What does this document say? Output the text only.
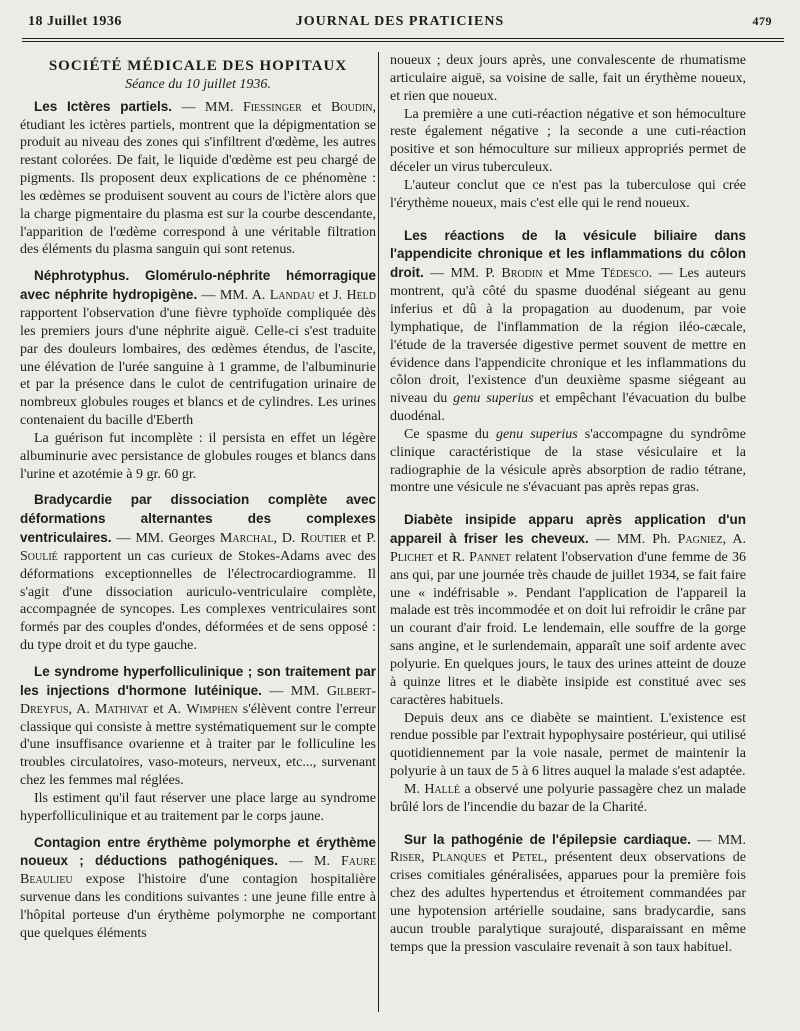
18 Juillet 1936	JOURNAL DES PRATICIENS	479

SOCIÉTÉ MÉDICALE DES HOPITAUX

Séance du 10 juillet 1936.

Les Ictères partiels. — MM. Fiessinger et Boudin, étudiant les ictères partiels, montrent que la dépigmentation se produit au niveau des zones qui s'infiltrent d'œdème, les autres restant colorées. De fait, le liquide d'œdème est peu chargé de pigments. Ils proposent deux explications de ce phénomène : les œdèmes se produisent souvent au cours de l'ictère alors que la charge pigmentaire du plasma est sur la courbe descendante, l'apparition de l'œdème correspond à une véritable filtration des éléments du plasma sanguin qui sont retenus.

Néphrotyphus. Glomérulo-néphrite hémorragique avec néphrite hydropigène. — MM. A. Landau et J. Held rapportent l'observation d'une fièvre typhoïde compliquée dès les premiers jours d'une néphrite aiguë. Celle-ci s'est traduite par des douleurs lombaires, des œdèmes étendus, de l'ascite, une élévation de l'urée sanguine à 1 gramme, de l'albuminurie et par la présence dans le culot de centrifugation urinaire de nombreux globules rouges et blancs et de cylindres. Les urines contenaient du bacille d'Eberth

La guérison fut incomplète : il persista en effet un légère albuminurie avec persistance de globules rouges et blancs dans l'urine et azotémie à 9 gr. 60 gr.

Bradycardie par dissociation complète avec déformations alternantes des complexes ventriculaires. — MM. Georges Marchal, D. Routier et P. Soulié rapportent un cas curieux de Stokes-Adams avec des déformations exceptionnelles de l'électrocardiogramme. Il s'agit d'une dissociation auriculo-ventriculaire complète, accompagnée de syncopes. Les complexes ventriculaires sont formés par des couples d'ondes, déformées et de sens opposé : du type droit et du type gauche.

Le syndrome hyperfolliculinique ; son traitement par les injections d'hormone lutéinique. — MM. Gilbert-Dreyfus, A. Mathivat et A. Wimphen s'élèvent contre l'erreur classique qui consiste à mettre systématiquement sur le compte d'une insuffisance ovarienne et à traiter par le folliculine les troubles circulatoires, vaso-moteurs, nerveux, etc..., survenant chez les femmes mal réglées.

Ils estiment qu'il faut réserver une place large au syndrome hyperfolliculinique et au traitement par le corps jaune.

Contagion entre érythème polymorphe et érythème noueux ; déductions pathogéniques. — M. Faure Beaulieu expose l'histoire d'une contagion hospitalière survenue dans les conditions suivantes : une jeune fille entre à l'hôpital porteuse d'un érythème polymorphe ne comportant que quelques éléments

noueux ; deux jours après, une convalescente de rhumatisme articulaire aiguë, sa voisine de salle, fait un érythème noueux, et rien que noueux.

La première a une cuti-réaction négative et son hémoculture reste également négative ; la seconde a une cuti-réaction positive et son hémoculture sur milieux appropriés permet de déceler un virus tuberculeux.

L'auteur conclut que ce n'est pas la tuberculose qui crée l'érythème noueux, mais c'est elle qui le rend noueux.

Les réactions de la vésicule biliaire dans l'appendicite chronique et les inflammations du côlon droit. — MM. P. Brodin et Mme Tédesco. — Les auteurs montrent, qu'à côté du spasme duodénal siégeant au genu inferius et dû à la propagation au duodenum, par voie lymphatique, de l'inflammation de la région iléo-cæcale, l'étude de la traversée digestive permet souvent de mettre en évidence dans l'appendicite chronique et les inflammations du côlon droit, l'existence d'un deuxième spasme siégeant au niveau du genu superius et empêchant l'évacuation du bulbe duodénal.

Ce spasme du genu superius s'accompagne du syndrôme clinique caractéristique de la stase vésiculaire et la radiographie de la vésicule après absorption de radio tétrane, montre une vésicule ne s'évacuant pas après repas gras.

Diabète insipide apparu après application d'un appareil à friser les cheveux. — MM. Ph. Pagniez, A. Plichet et R. Pannet relatent l'observation d'une femme de 36 ans qui, par une journée très chaude de juillet 1934, se fait faire une « indéfrisable ». Pendant l'application de l'appareil la malade est très incommodée et on doit lui refroidir le crâne par un courant d'air froid. Le lendemain, elle souffre de la gorge sans angine, et le surlendemain, apparaît une soif ardente avec polyurie. En quelques jours, le taux des urines atteint de douze à quinze litres et le diabète insipide est constitué avec ses caractères habituels.

Depuis deux ans ce diabète se maintient. L'existence est rendue possible par l'extrait hypophysaire postérieur, qui utilisé quotidiennement par la voie nasale, permet de maintenir la polyurie à un taux de 5 à 6 litres auquel la malade s'est adaptée.

M. Hallé a observé une polyurie passagère chez un malade brûlé lors de l'incendie du bazar de la Charité.

Sur la pathogénie de l'épilepsie cardiaque. — MM. Riser, Planques et Petel, présentent deux observations de crises comitiales généralisées, apparues pour la première fois chez des adultes hypertendus et étroitement commandées par une hypotension artérielle soudaine, sans bradycardie, sans aucun trouble paralytique surajouté, disparaissant en même temps que la pression vasculaire revenait à son taux habituel.
